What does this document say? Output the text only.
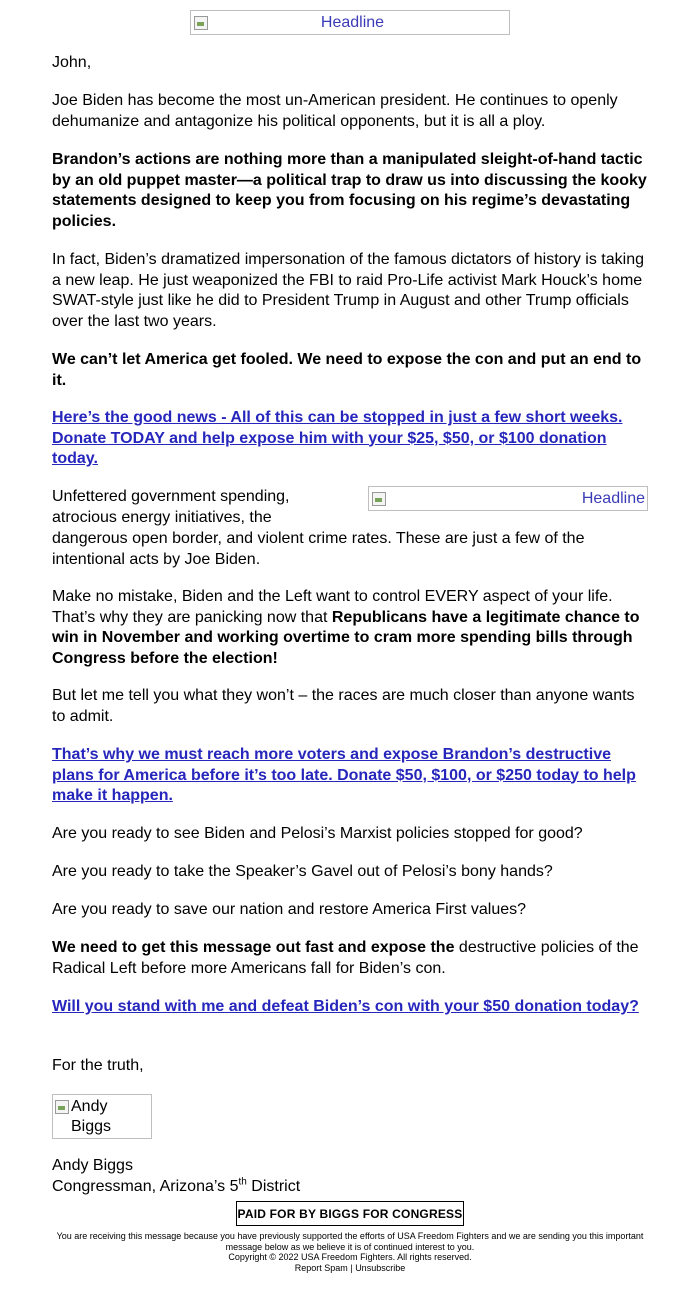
Headline

John,

Joe Biden has become the most un-American president. He continues to openly dehumanize and antagonize his political opponents, but it is all a ploy.

Brandon’s actions are nothing more than a manipulated sleight-of-hand tactic by an old puppet master—a political trap to draw us into discussing the kooky statements designed to keep you from focusing on his regime’s devastating policies.

In fact, Biden’s dramatized impersonation of the famous dictators of history is taking a new leap. He just weaponized the FBI to raid Pro-Life activist Mark Houck’s home SWAT-style just like he did to President Trump in August and other Trump officials over the last two years.

We can’t let America get fooled. We need to expose the con and put an end to it.

Here’s the good news - All of this can be stopped in just a few short weeks. Donate TODAY and help expose him with your $25, $50, or $100 donation today.

Unfettered government spending,

atrocious energy initiatives, the

dangerous open border, and violent crime rates. These are just a few of the intentional acts by Joe Biden.

Make no mistake, Biden and the Left want to control EVERY aspect of your life. That’s why they are panicking now that Republicans have a legitimate chance to win in November and working overtime to cram more spending bills through Congress before the election!

But let me tell you what they won’t – the races are much closer than anyone wants to admit.

That’s why we must reach more voters and expose Brandon’s destructive plans for America before it’s too late. Donate $50, $100, or $250 today to help make it happen.

Are you ready to see Biden and Pelosi’s Marxist policies stopped for good?

Are you ready to take the Speaker’s Gavel out of Pelosi’s bony hands?

Are you ready to save our nation and restore America First values?

We need to get this message out fast and expose the destructive policies of the Radical Left before more Americans fall for Biden’s con.

Will you stand with me and defeat Biden’s con with your $50 donation today?

For the truth,

Andy Biggs

Congressman, Arizona’s 5th District

Headline
Andy Biggs
PAID FOR BY BIGGS FOR CONGRESS
You are receiving this message because you have previously supported the efforts of USA Freedom Fighters and we are sending you this important message below as we believe it is of continued interest to you.
Copyright © 2022 USA Freedom Fighters. All rights reserved.
Report Spam | Unsubscribe
